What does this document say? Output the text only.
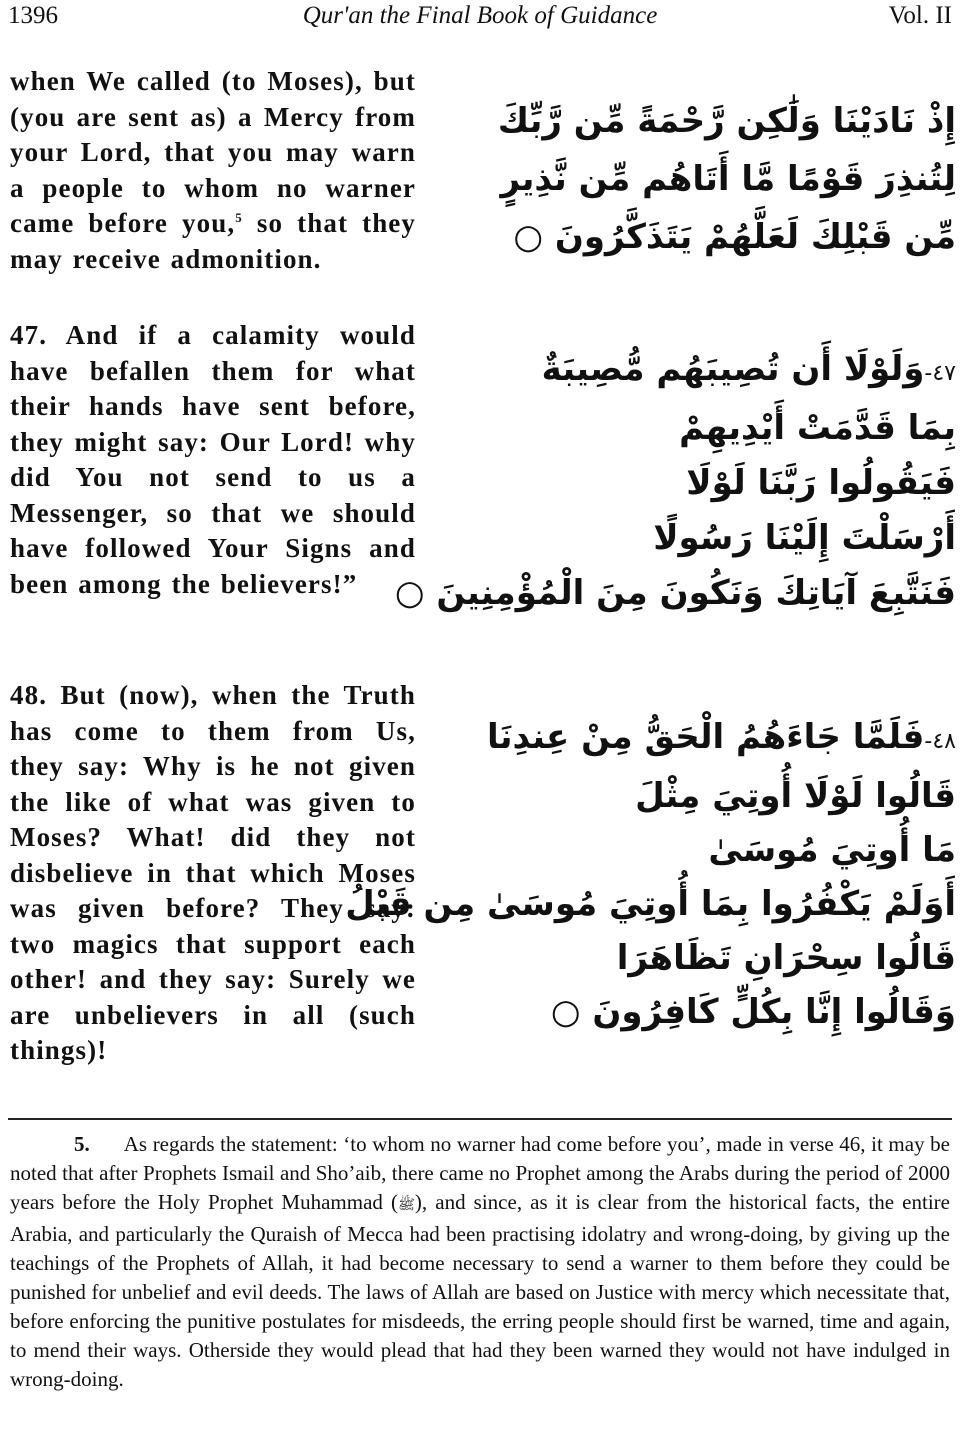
1396	Qur'an the Final Book of Guidance	Vol. II
when We called (to Moses), but (you are sent as) a Mercy from your Lord, that you may warn a people to whom no warner came before you,$^5$ so that they may receive admonition.
إِذْ نَادَيْنَا وَلَٰكِن رَّحْمَةً مِّن رَّبِّكَ
لِتُنذِرَ قَوْمًا مَّا أَتَاهُم مِّن نَّذِيرٍ
مِّن قَبْلِكَ لَعَلَّهُمْ يَتَذَكَّرُونَ ○
47. And if a calamity would have befallen them for what their hands have sent before, they might say: Our Lord! why did You not send to us a Messenger, so that we should have followed Your Signs and been among the believers!”
٤٧-وَلَوْلَا أَن تُصِيبَهُم مُّصِيبَةٌ
بِمَا قَدَّمَتْ أَيْدِيهِمْ
فَيَقُولُوا رَبَّنَا لَوْلَا
أَرْسَلْتَ إِلَيْنَا رَسُولًا
فَنَتَّبِعَ آيَاتِكَ وَنَكُونَ مِنَ الْمُؤْمِنِينَ ○
48. But (now), when the Truth has come to them from Us, they say: Why is he not given the like of what was given to Moses? What! did they not disbelieve in that which Moses was given before? They say: two magics that support each other! and they say: Surely we are unbelievers in all (such things)!
٤٨-فَلَمَّا جَاءَهُمُ الْحَقُّ مِنْ عِندِنَا
قَالُوا لَوْلَا أُوتِيَ مِثْلَ
مَا أُوتِيَ مُوسَىٰ
أَوَلَمْ يَكْفُرُوا بِمَا أُوتِيَ مُوسَىٰ مِن قَبْلُ
قَالُوا سِحْرَانِ تَظَاهَرَا
وَقَالُوا إِنَّا بِكُلٍّ كَافِرُونَ ○
5. As regards the statement: ‘to whom no warner had come before you’, made in verse 46, it may be noted that after Prophets Ismail and Sho’aib, there came no Prophet among the Arabs during the period of 2000 years before the Holy Prophet Muhammad (ﷺ), and since, as it is clear from the historical facts, the entire Arabia, and particularly the Quraish of Mecca had been practising idolatry and wrong-doing, by giving up the teachings of the Prophets of Allah, it had become necessary to send a warner to them before they could be punished for unbelief and evil deeds. The laws of Allah are based on Justice with mercy which necessitate that, before enforcing the punitive postulates for misdeeds, the erring people should first be warned, time and again, to mend their ways. Otherside they would plead that had they been warned they would not have indulged in wrong-doing.
